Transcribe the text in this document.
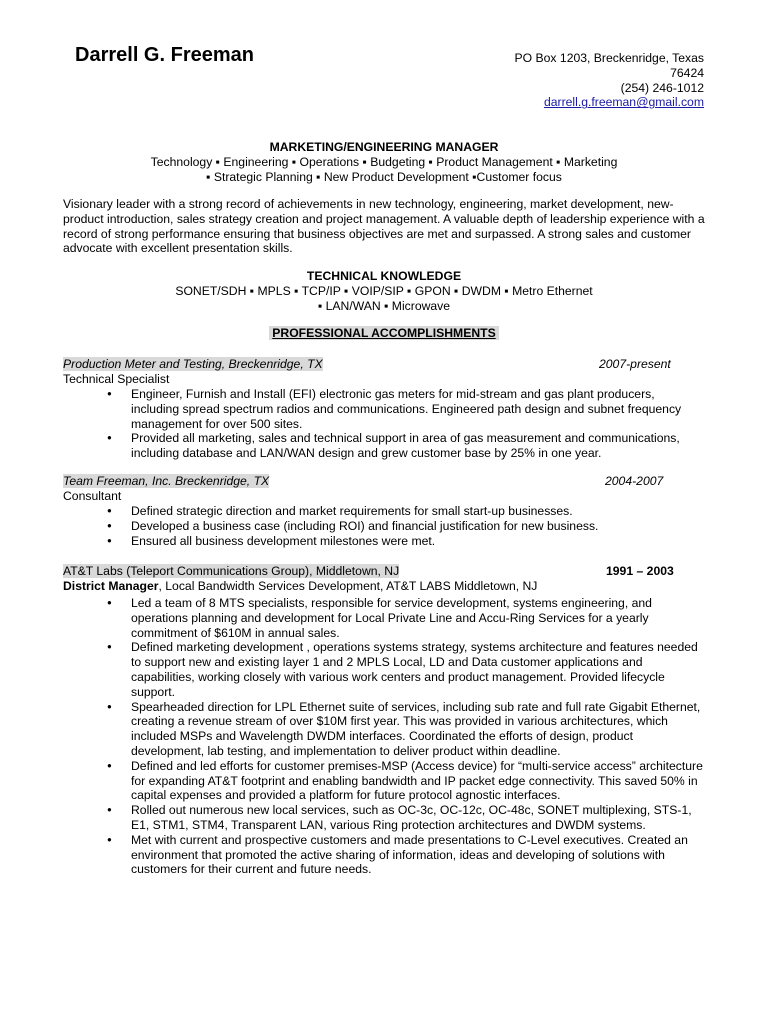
Darrell G. Freeman	PO Box 1203, Breckenridge, Texas
76424
(254) 246-1012
darrell.g.freeman@gmail.com
MARKETING/ENGINEERING MANAGER
Technology ▪ Engineering ▪ Operations ▪ Budgeting ▪ Product Management ▪ Marketing
▪ Strategic Planning ▪ New Product Development ▪Customer focus
Visionary leader with a strong record of achievements in new technology, engineering, market development, new-product introduction, sales strategy creation and project management. A valuable depth of leadership experience with a record of strong performance ensuring that business objectives are met and surpassed. A strong sales and customer advocate with excellent presentation skills.
TECHNICAL KNOWLEDGE
SONET/SDH ▪ MPLS ▪ TCP/IP ▪ VOIP/SIP ▪ GPON ▪ DWDM ▪ Metro Ethernet
▪ LAN/WAN ▪ Microwave
PROFESSIONAL ACCOMPLISHMENTS
Production Meter and Testing, Breckenridge, TX	2007-present
Technical Specialist
● Engineer, Furnish and Install (EFI) electronic gas meters for mid-stream and gas plant producers, including spread spectrum radios and communications. Engineered path design and subnet frequency management for over 500 sites.
● Provided all marketing, sales and technical support in area of gas measurement and communications, including database and LAN/WAN design and grew customer base by 25% in one year.
Team Freeman, Inc. Breckenridge, TX	2004-2007
Consultant
● Defined strategic direction and market requirements for small start-up businesses.
● Developed a business case (including ROI) and financial justification for new business.
● Ensured all business development milestones were met.
AT&T Labs (Teleport Communications Group), Middletown, NJ	1991 – 2003
District Manager, Local Bandwidth Services Development, AT&T LABS Middletown, NJ
● Led a team of 8 MTS specialists, responsible for service development, systems engineering, and operations planning and development for Local Private Line and Accu-Ring Services for a yearly commitment of $610M in annual sales.
● Defined marketing development , operations systems strategy, systems architecture and features needed to support new and existing layer 1 and 2 MPLS Local, LD and Data customer applications and capabilities, working closely with various work centers and product management. Provided lifecycle support.
● Spearheaded direction for LPL Ethernet suite of services, including sub rate and full rate Gigabit Ethernet, creating a revenue stream of over $10M first year. This was provided in various architectures, which included MSPs and Wavelength DWDM interfaces. Coordinated the efforts of design, product development, lab testing, and implementation to deliver product within deadline.
● Defined and led efforts for customer premises-MSP (Access device) for “multi-service access” architecture for expanding AT&T footprint and enabling bandwidth and IP packet edge connectivity. This saved 50% in capital expenses and provided a platform for future protocol agnostic interfaces.
● Rolled out numerous new local services, such as OC-3c, OC-12c, OC-48c, SONET multiplexing, STS-1, E1, STM1, STM4, Transparent LAN, various Ring protection architectures and DWDM systems.
● Met with current and prospective customers and made presentations to C-Level executives. Created an environment that promoted the active sharing of information, ideas and developing of solutions with customers for their current and future needs.
